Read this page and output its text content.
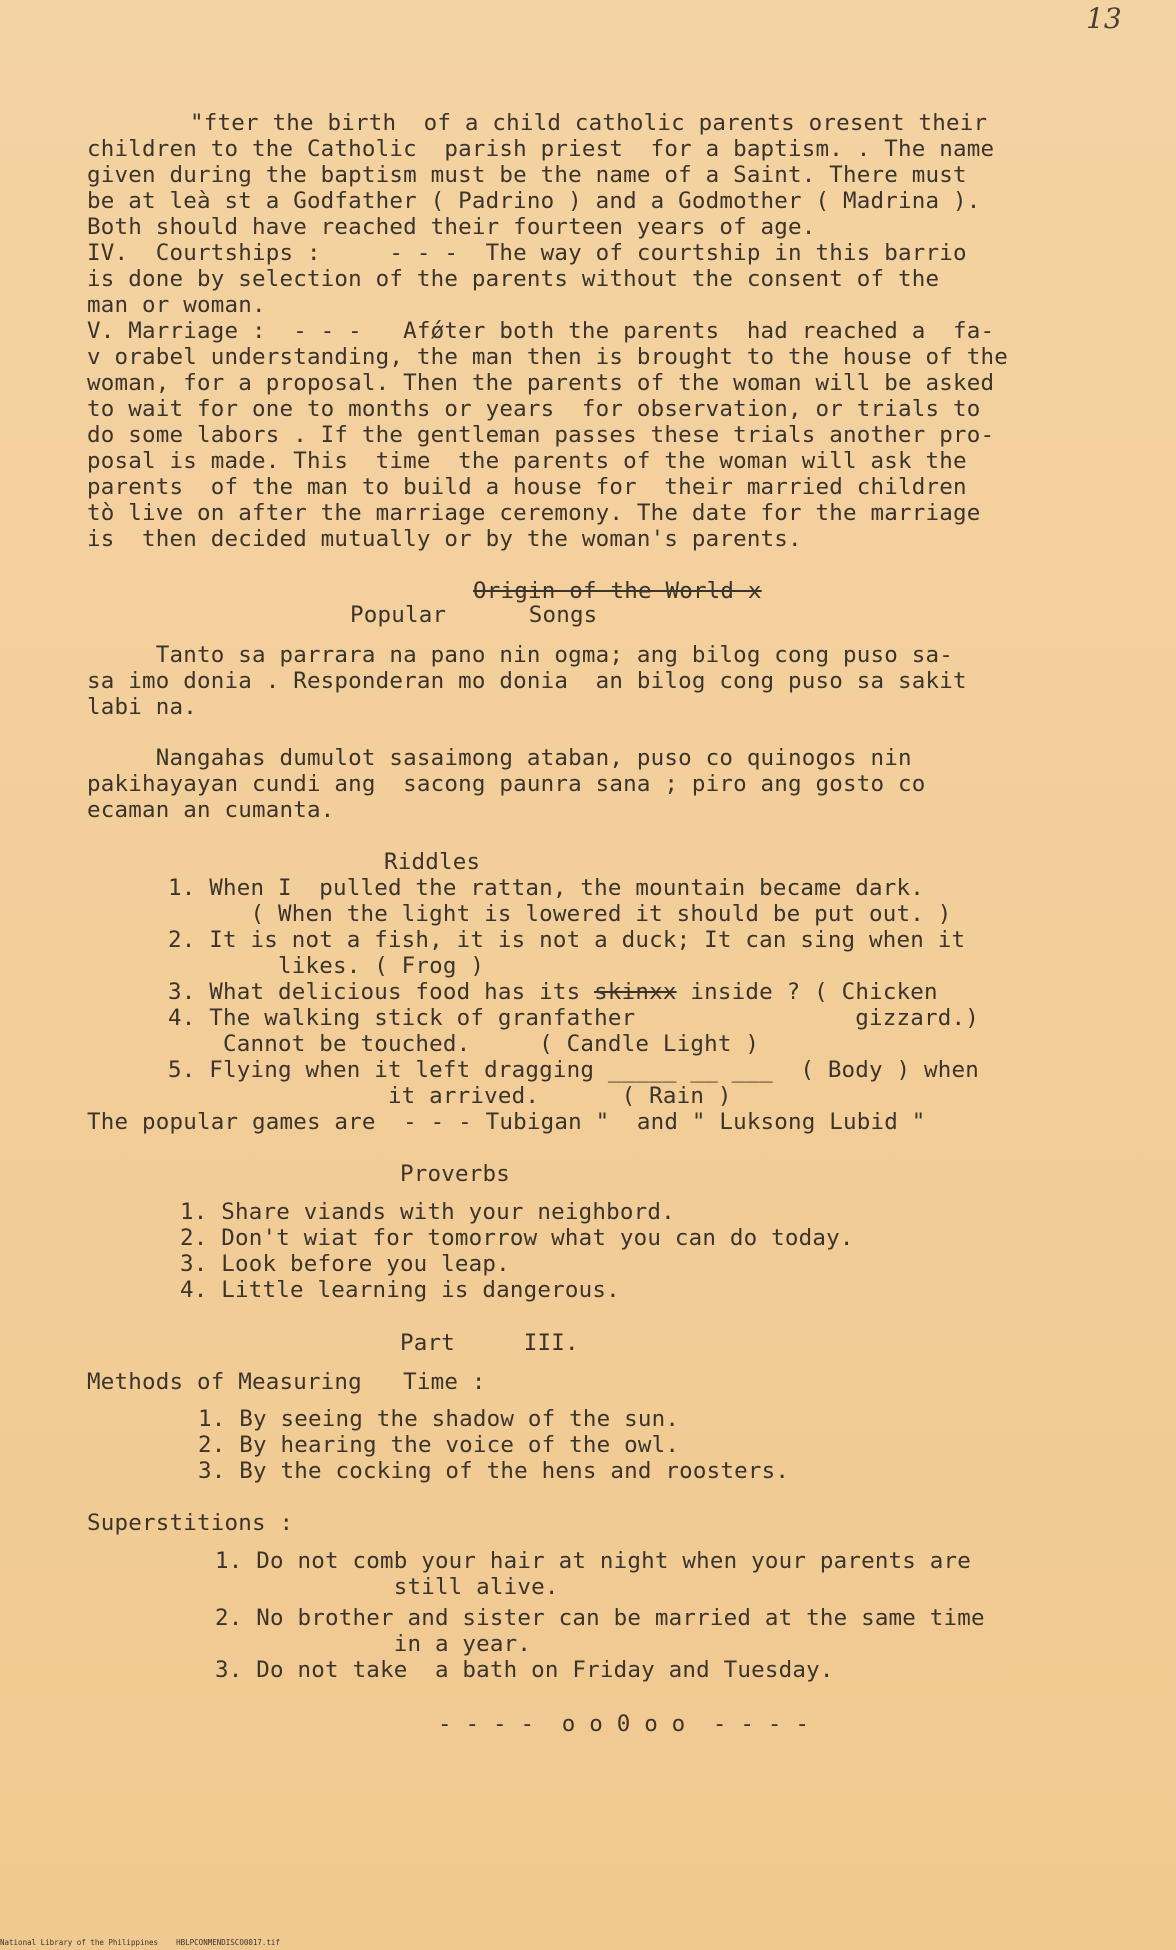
13

"fter the birth  of a child catholic parents oresent their

children to the Catholic  parish priest  for a baptism. . The name

given during the baptism must be the name of a Saint. There must

be at leà st a Godfather ( Padrino ) and a Godmother ( Madrina ).

Both should have reached their fourteen years of age.

IV.  Courtships :     - - -  The way of courtship in this barrio

is done by selection of the parents without the consent of the

man or woman.

V. Marriage :  - - -   Afǿter both the parents  had reached a  fa-

v orabel understanding, the man then is brought to the house of the

woman, for a proposal. Then the parents of the woman will be asked

to wait for one to months or years  for observation, or trials to

do some labors . If the gentleman passes these trials another pro-

posal is made. This  time  the parents of the woman will ask the

parents  of the man to build a house for  their married children

tò live on after the marriage ceremony. The date for the marriage

is  then decided mutually or by the woman's parents.

Origin of the World x

Popular      Songs

Tanto sa parrara na pano nin ogma; ang bilog cong puso sa-

sa imo donia . Responderan mo donia  an bilog cong puso sa sakit

labi na.

Nangahas dumulot sasaimong ataban, puso co quinogos nin

pakihayayan cundi ang  sacong paunra sana ; piro ang gosto co

ecaman an cumanta.

Riddles

1. When I  pulled the rattan, the mountain became dark.

( When the light is lowered it should be put out. )

2. It is not a fish, it is not a duck; It can sing when it

likes. ( Frog )

3. What delicious food has its skinxx inside ? ( Chicken

4. The walking stick of granfather                gizzard.)

Cannot be touched.     ( Candle Light )

5. Flying when it left dragging _____ __ ___  ( Body ) when

it arrived.      ( Rain )

The popular games are  - - - Tubigan "  and " Luksong Lubid "

Proverbs

1. Share viands with your neighbord.

2. Don't wiat for tomorrow what you can do today.

3. Look before you leap.

4. Little learning is dangerous.

Part     III.

Methods of Measuring   Time :

1. By seeing the shadow of the sun.

2. By hearing the voice of the owl.

3. By the cocking of the hens and roosters.

Superstitions :

1. Do not comb your hair at night when your parents are

still alive.

2. No brother and sister can be married at the same time

in a year.

3. Do not take  a bath on Friday and Tuesday.

- - - -  o o 0 o o  - - - -

National Library of the Philippines    HBLPCONMENDISCO0017.tif
